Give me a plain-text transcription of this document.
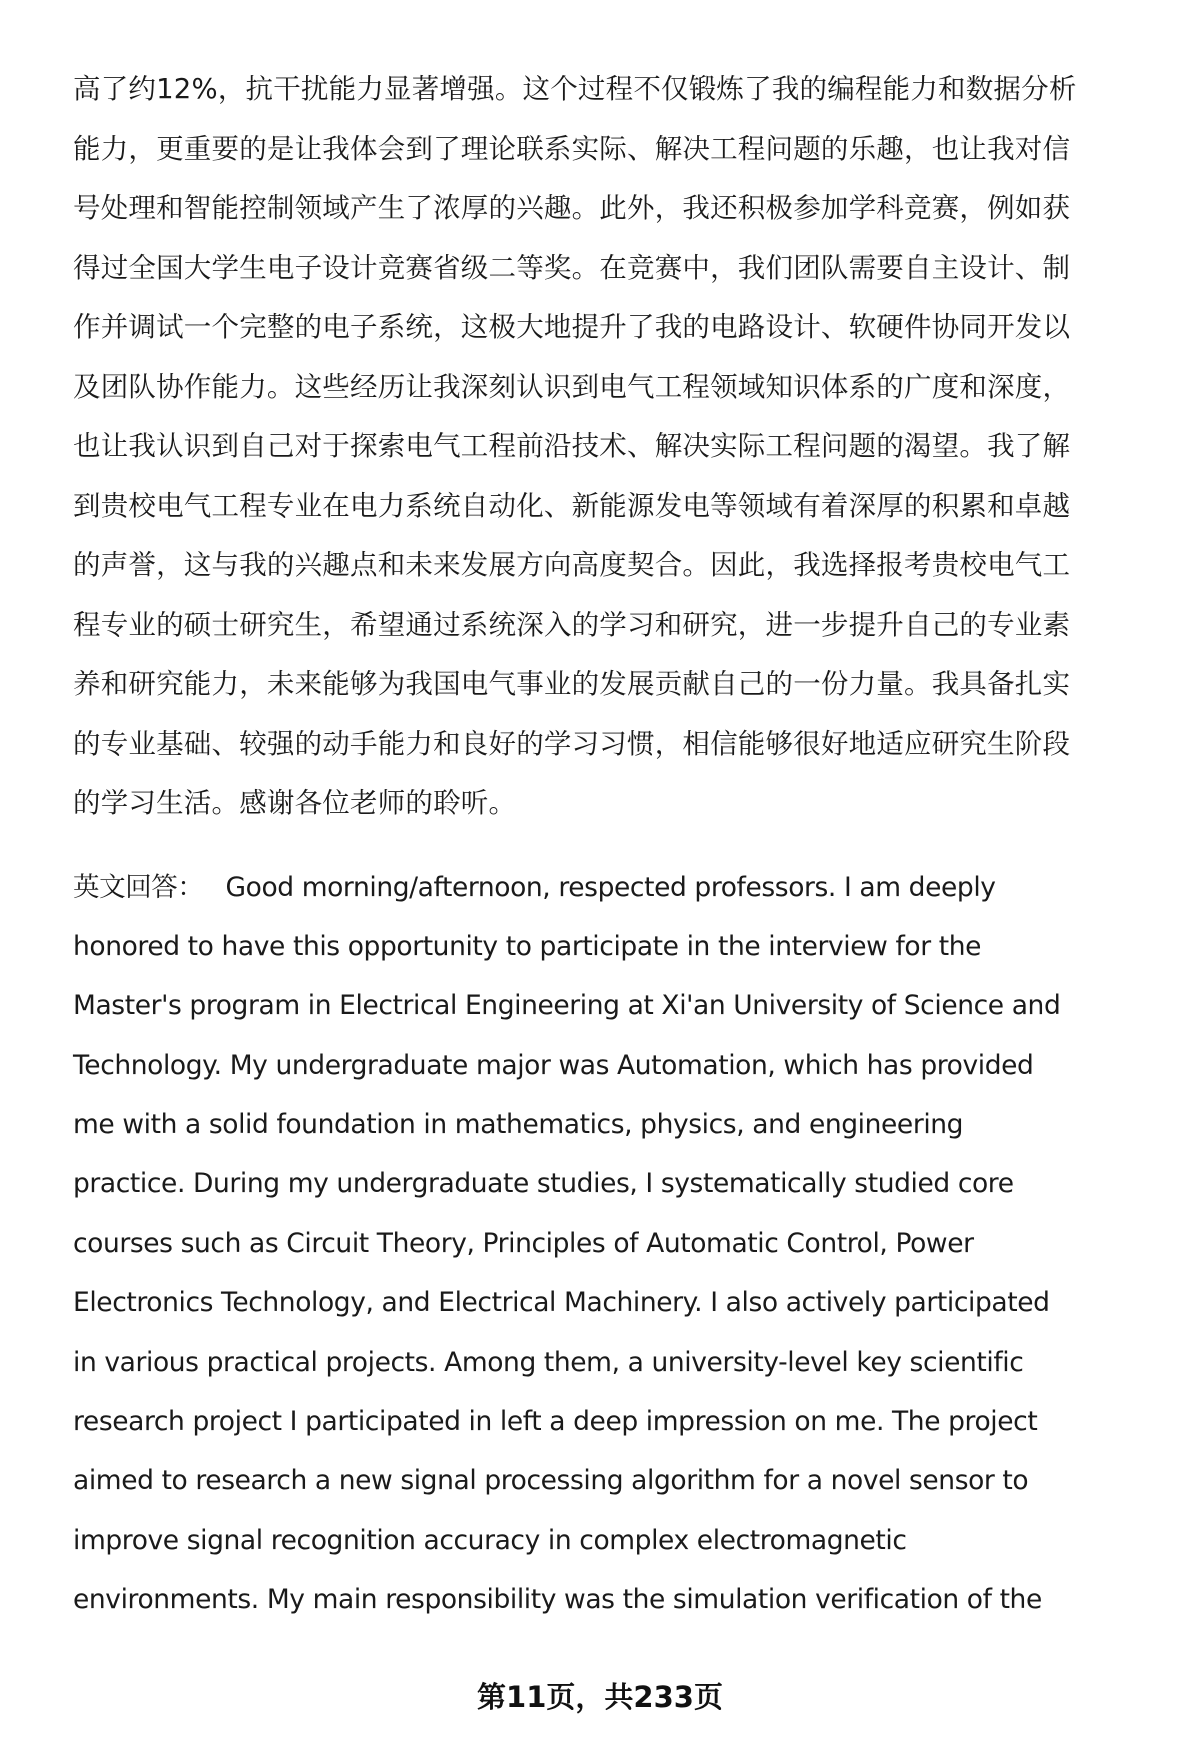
高了约12%，抗干扰能力显著增强。这个过程不仅锻炼了我的编程能力和数据分析
能力，更重要的是让我体会到了理论联系实际、解决工程问题的乐趣，也让我对信
号处理和智能控制领域产生了浓厚的兴趣。此外，我还积极参加学科竞赛，例如获
得过全国大学生电子设计竞赛省级二等奖。在竞赛中，我们团队需要自主设计、制
作并调试一个完整的电子系统，这极大地提升了我的电路设计、软硬件协同开发以
及团队协作能力。这些经历让我深刻认识到电气工程领域知识体系的广度和深度，
也让我认识到自己对于探索电气工程前沿技术、解决实际工程问题的渴望。我了解
到贵校电气工程专业在电力系统自动化、新能源发电等领域有着深厚的积累和卓越
的声誉，这与我的兴趣点和未来发展方向高度契合。因此，我选择报考贵校电气工
程专业的硕士研究生，希望通过系统深入的学习和研究，进一步提升自己的专业素
养和研究能力，未来能够为我国电气事业的发展贡献自己的一份力量。我具备扎实
的专业基础、较强的动手能力和良好的学习习惯，相信能够很好地适应研究生阶段
的学习生活。感谢各位老师的聆听。
英文回答： Good morning/afternoon, respected professors. I am deeply
honored to have this opportunity to participate in the interview for the
Master's program in Electrical Engineering at Xi'an University of Science and
Technology. My undergraduate major was Automation, which has provided
me with a solid foundation in mathematics, physics, and engineering
practice. During my undergraduate studies, I systematically studied core
courses such as Circuit Theory, Principles of Automatic Control, Power
Electronics Technology, and Electrical Machinery. I also actively participated
in various practical projects. Among them, a university-level key scientific
research project I participated in left a deep impression on me. The project
aimed to research a new signal processing algorithm for a novel sensor to
improve signal recognition accuracy in complex electromagnetic
environments. My main responsibility was the simulation verification of the
第11页，共233页
